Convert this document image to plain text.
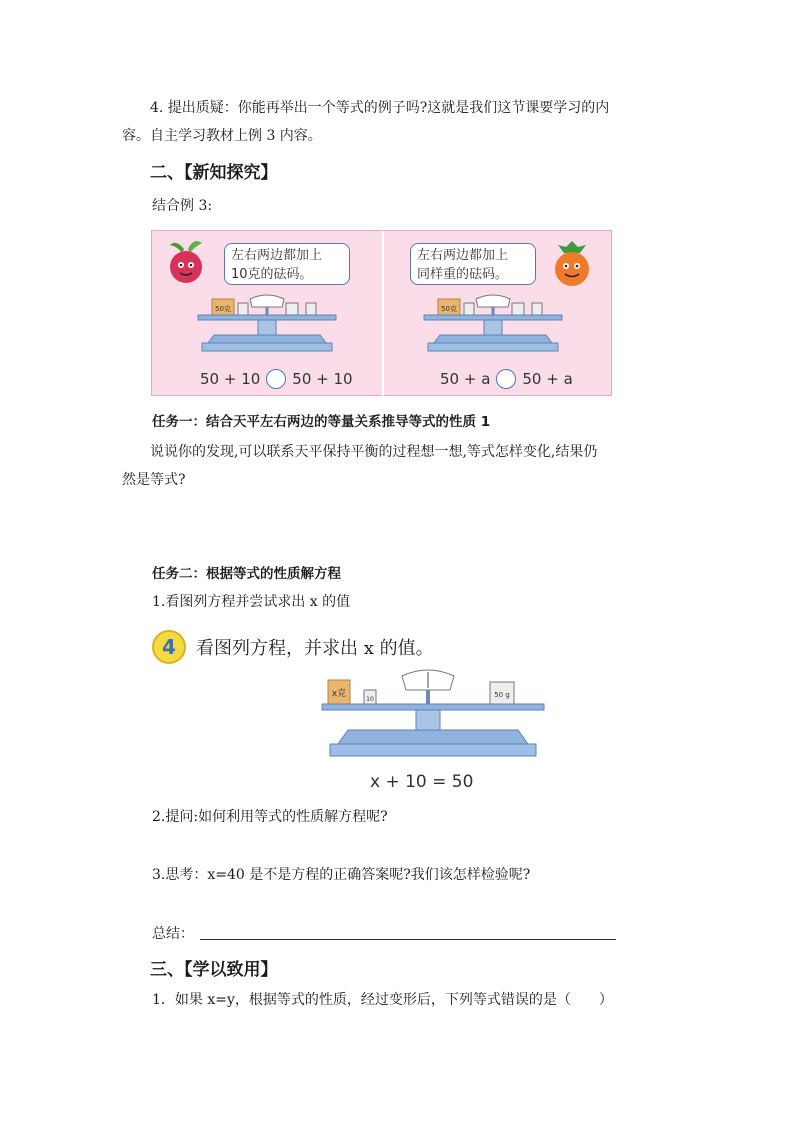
4. 提出质疑：你能再举出一个等式的例子吗?这就是我们这节课要学习的内
容。自主学习教材上例 3 内容。
二、【新知探究】
结合例 3:
左右两边都加上
10克的砝码。
50克
50 + 10 50 + 10
左右两边都加上
同样重的砝码。
50克
50 + a 50 + a
任务一：结合天平左右两边的等量关系推导等式的性质 1
说说你的发现,可以联系天平保持平衡的过程想一想,等式怎样变化,结果仍
然是等式?
任务二：根据等式的性质解方程
1.看图列方程并尝试求出 x 的值
4	看图列方程，并求出 x 的值。
x克
10
50 g
x + 10 = 50
2.提问:如何利用等式的性质解方程呢?
3.思考：x=40 是不是方程的正确答案呢?我们该怎样检验呢?
总结：
三、【学以致用】
1．如果 x=y，根据等式的性质，经过变形后，下列等式错误的是（　　）
